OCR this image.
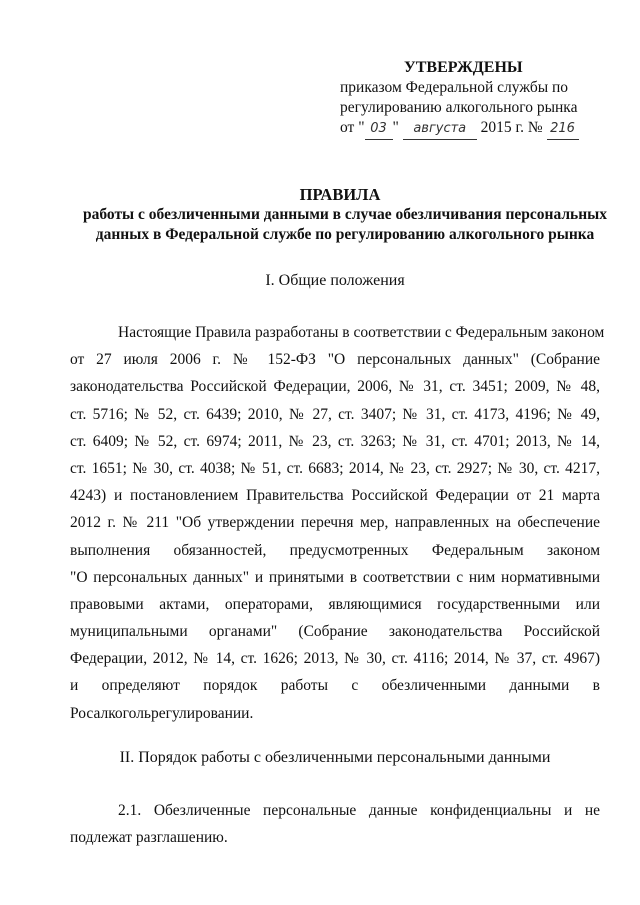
УТВЕРЖДЕНЫ
приказом Федеральной службы по
регулированию алкогольного рынка
от " 03 " августа 2015 г. № 216
ПРАВИЛА
работы с обезличенными данными в случае обезличивания персональных
данных в Федеральной службе по регулированию алкогольного рынка
I. Общие положения
Настоящие Правила разработаны в соответствии с Федеральным законом
от 27 июля 2006 г. № 152-ФЗ "О персональных данных" (Собрание
законодательства Российской Федерации, 2006, № 31, ст. 3451; 2009, № 48,
ст. 5716; № 52, ст. 6439; 2010, № 27, ст. 3407; № 31, ст. 4173, 4196; № 49,
ст. 6409; № 52, ст. 6974; 2011, № 23, ст. 3263; № 31, ст. 4701; 2013, № 14,
ст. 1651; № 30, ст. 4038; № 51, ст. 6683; 2014, № 23, ст. 2927; № 30, ст. 4217,
4243) и постановлением Правительства Российской Федерации от 21 марта
2012 г. № 211 "Об утверждении перечня мер, направленных на обеспечение
выполнения обязанностей, предусмотренных Федеральным законом
"О персональных данных" и принятыми в соответствии с ним нормативными
правовыми актами, операторами, являющимися государственными или
муниципальными органами" (Собрание законодательства Российской
Федерации, 2012, № 14, ст. 1626; 2013, № 30, ст. 4116; 2014, № 37, ст. 4967)
и определяют порядок работы с обезличенными данными в
Росалкогольрегулировании.
II. Порядок работы с обезличенными персональными данными
2.1. Обезличенные персональные данные конфиденциальны и не
подлежат разглашению.
